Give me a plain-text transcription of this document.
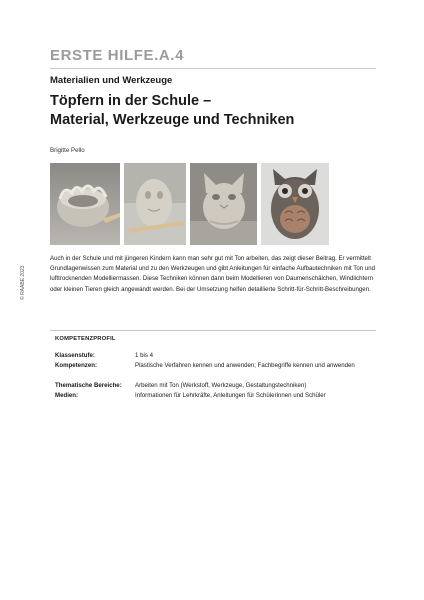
ERSTE HILFE.A.4
Materialien und Werkzeuge
Töpfern in der Schule –
Material, Werkzeuge und Techniken
Brigitte Pello
Auch in der Schule und mit jüngeren Kindern kann man sehr gut mit Ton arbeiten, das zeigt dieser Beitrag. Er vermittelt Grundlagenwissen zum Material und zu den Werkzeugen und gibt Anleitungen für einfache Aufbautechniken mit Ton und lufttrocknenden Modelliermassen. Diese Techniken können dann beim Modellieren von Daumenschälchen, Windlichtern oder kleinen Tieren gleich angewandt werden. Bei der Umsetzung helfen detaillierte Schritt-für-Schritt-Beschreibungen.
© RAABE 2023
KOMPETENZPROFIL
Klassenstufe:	1 bis 4
Kompetenzen:	Plastische Verfahren kennen und anwenden; Fachbegriffe kennen und anwenden
Thematische Bereiche:	Arbeiten mit Ton (Werkstoff, Werkzeuge, Gestaltungstechniken)
Medien:	Informationen für Lehrkräfte, Anleitungen für Schülerinnen und Schüler
